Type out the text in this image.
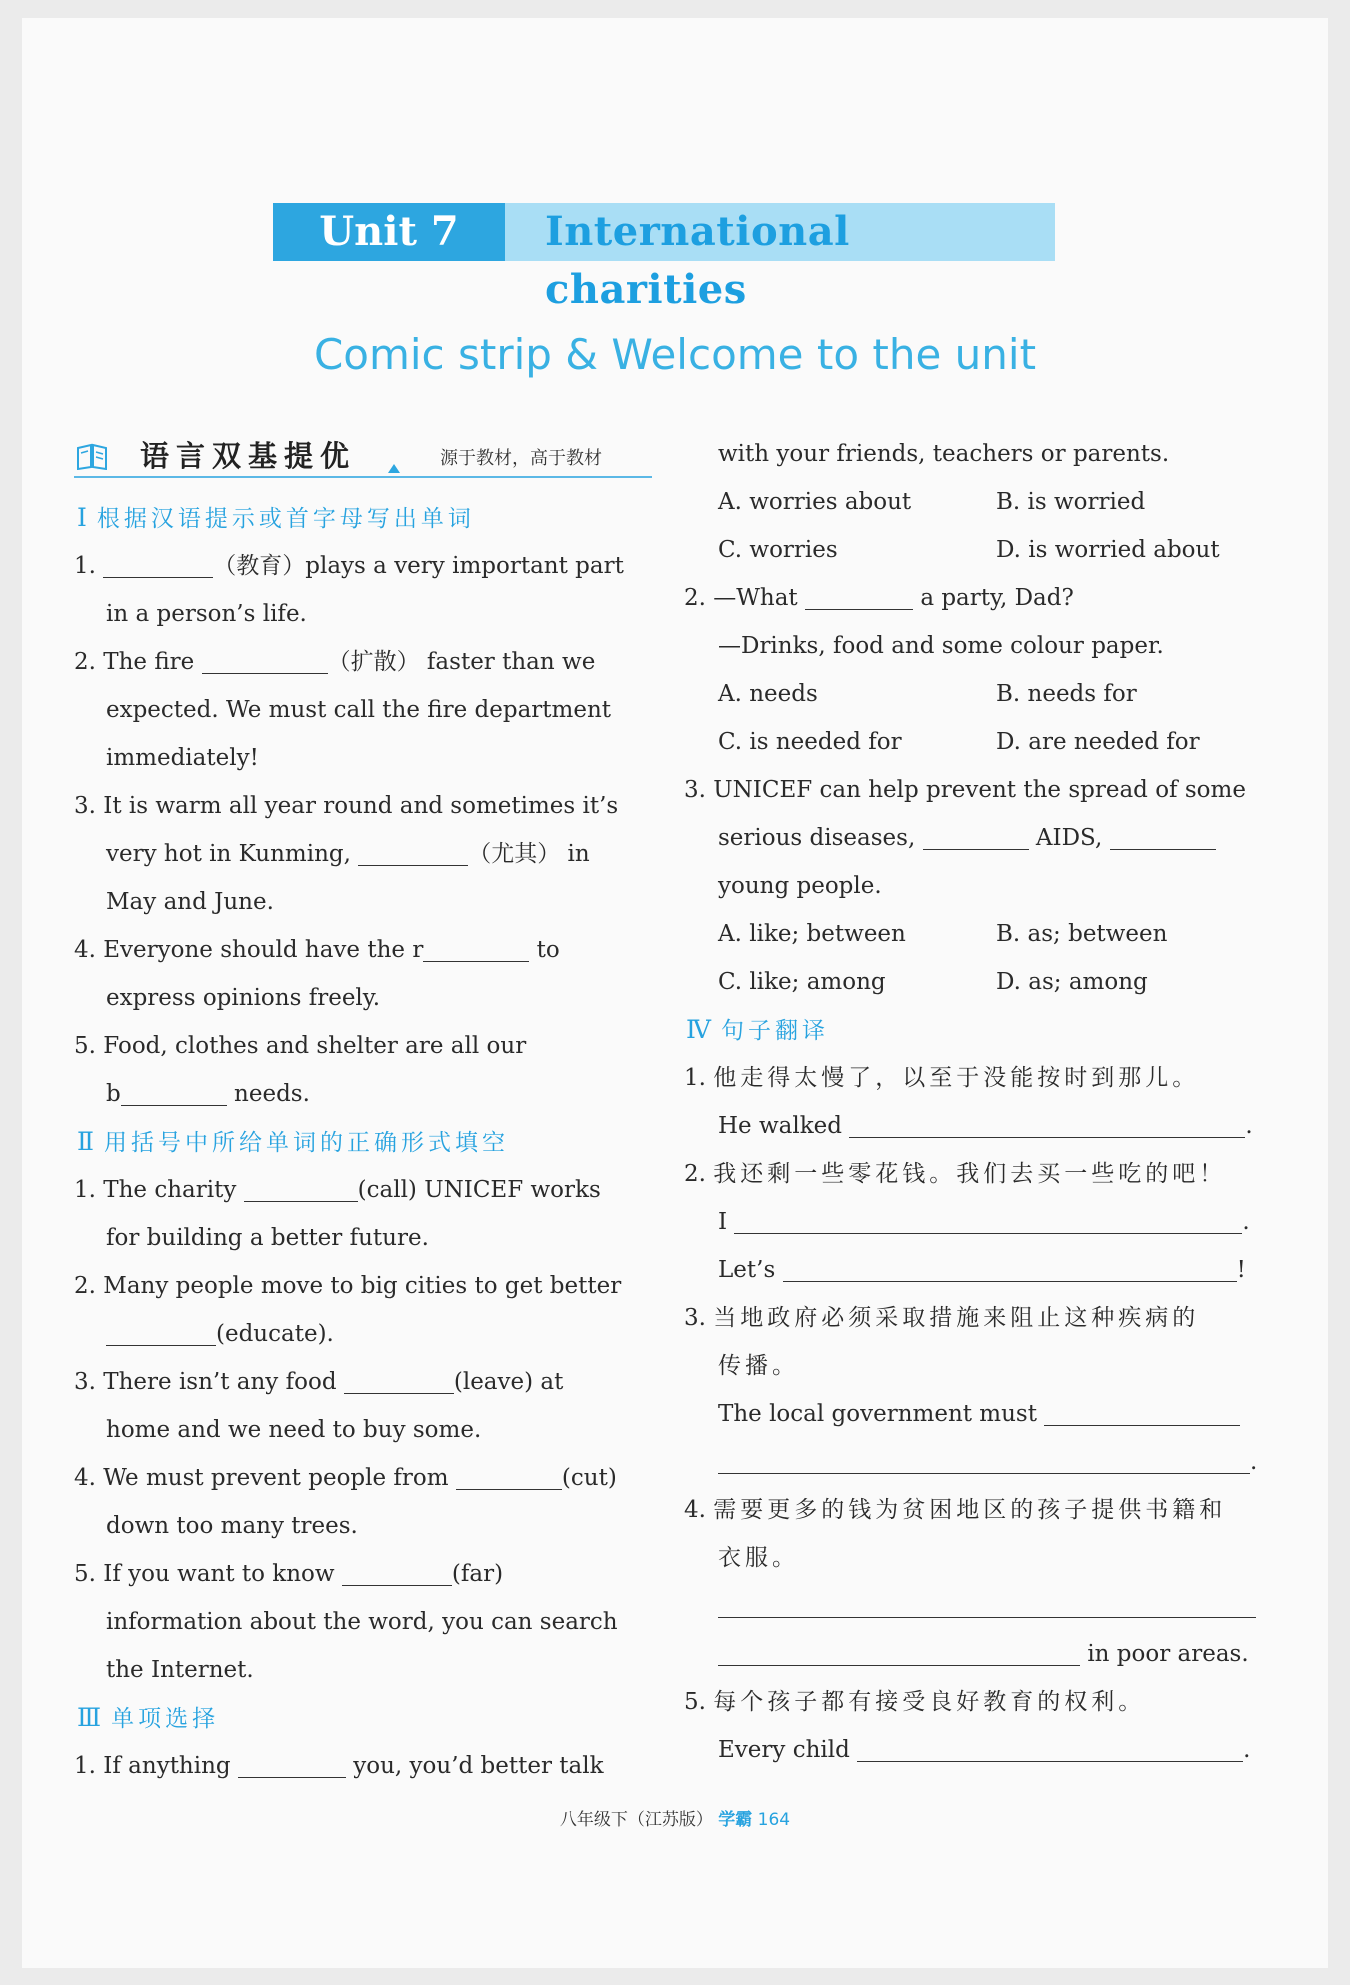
Unit 7	International charities
Comic strip & Welcome to the unit
语言双基提优	源于教材，高于教材
Ⅰ 根据汉语提示或首字母写出单词
1.	（教育）plays a very important part
in a person’s life.
2. The fire	（扩散） faster than we
expected. We must call the fire department
immediately!
3. It is warm all year round and sometimes it’s
very hot in Kunming,	（尤其） in
May and June.
4. Everyone should have the r	to
express opinions freely.
5. Food, clothes and shelter are all our
b	needs.
Ⅱ 用括号中所给单词的正确形式填空
1. The charity	(call) UNICEF works
for building a better future.
2. Many people move to big cities to get better
(educate).
3. There isn’t any food	(leave) at
home and we need to buy some.
4. We must prevent people from	(cut)
down too many trees.
5. If you want to know	(far)
information about the word, you can search
the Internet.
Ⅲ 单项选择
1. If anything	you, you’d better talk
with your friends, teachers or parents.
A. worries about	B. is worried
C. worries	D. is worried about
2. —What	a party, Dad?
—Drinks, food and some colour paper.
A. needs	B. needs for
C. is needed for	D. are needed for
3. UNICEF can help prevent the spread of some
serious diseases,	AIDS,
young people.
A. like; between	B. as; between
C. like; among	D. as; among
Ⅳ 句子翻译
1. 他走得太慢了，以至于没能按时到那儿。
He walked	.
2. 我还剩一些零花钱。我们去买一些吃的吧！
I	.
Let’s	!
3. 当地政府必须采取措施来阻止这种疾病的
传播。
The local government must
.
4. 需要更多的钱为贫困地区的孩子提供书籍和
衣服。
in poor areas.
5. 每个孩子都有接受良好教育的权利。
Every child	.
八年级下（江苏版） 学霸 164
